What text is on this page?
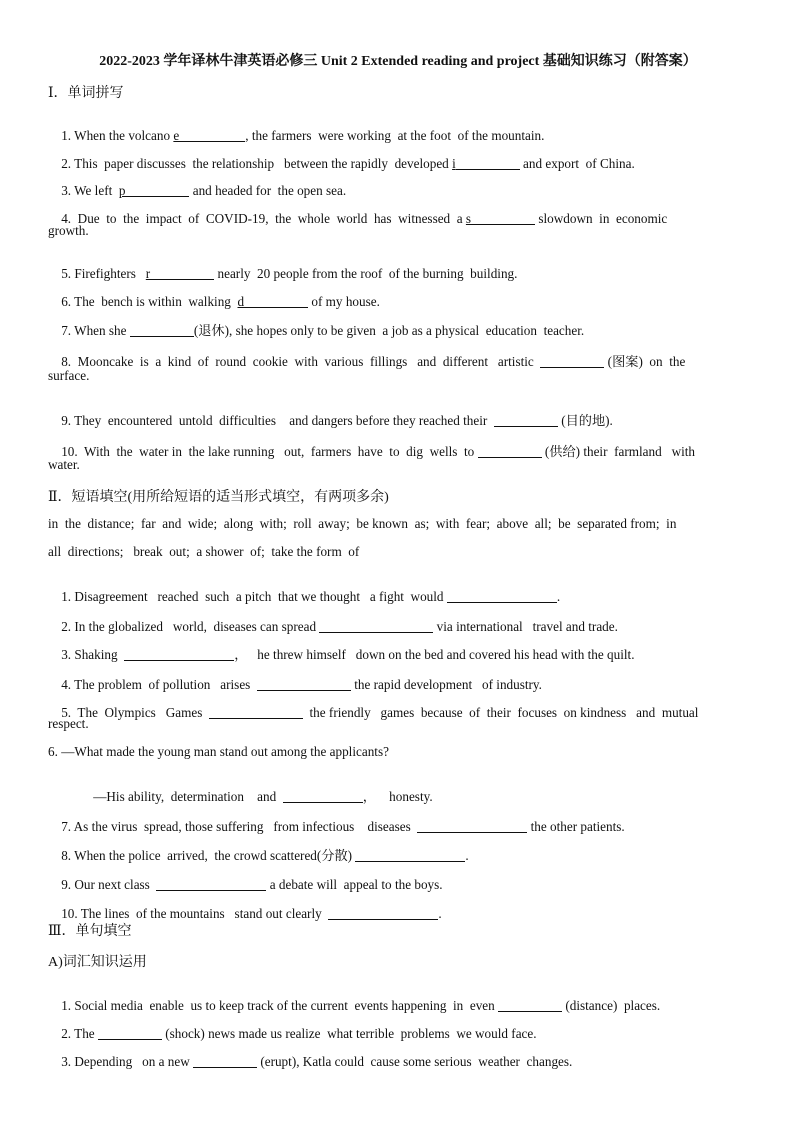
2022-2023 学年译林牛津英语必修三 Unit 2 Extended reading and project 基础知识练习（附答案）
Ⅰ．单词拼写

1. When the volcano e	, the farmers  were working  at the foot  of the mountain.

2. This  paper discusses  the relationship   between the rapidly  developed i	and export  of China.

3. We left  p	and headed for  the open sea.

4.  Due  to  the  impact  of  COVID-19,  the  whole  world  has  witnessed  a s	slowdown  in  economic

growth.

5. Firefighters   r	nearly  20 people from the roof  of the burning  building.

6. The  bench is within  walking  d	of my house.

7. When she	(退休), she hopes only to be given  a job as a physical  education  teacher.

8.  Mooncake  is  a  kind  of  round  cookie  with  various  fillings   and  different   artistic	(图案)  on  the

surface.

9. They  encountered  untold  difficulties    and dangers before they reached their	(目的地).

10.  With  the  water in  the lake running   out,  farmers  have  to  dig  wells  to	(供给) their  farmland   with

water.
Ⅱ．短语填空(用所给短语的适当形式填空，有两项多余)
in  the  distance;  far  and  wide;  along  with;  roll  away;  be known  as;  with  fear;  above  all;  be  separated from;  in
all  directions;   break  out;  a shower  of;  take the form  of

1. Disagreement   reached  such  a pitch  that we thought   a fight  would	.

2. In the globalized   world,  diseases can spread	via international   travel and trade.

3. Shaking	，   he threw himself   down on the bed and covered his head with the quilt.

4. The problem  of pollution   arises	the rapid development   of industry.

5.  The  Olympics   Games	the friendly   games  because  of  their  focuses  on kindness   and  mutual

respect.
6. —What made the young man stand out among the applicants?

—His ability,  determination    and	，    honesty.

7. As the virus  spread, those suffering   from infectious    diseases	the other patients.

8. When the police  arrived,  the crowd scattered(分散)	.

9. Our next class	a debate will  appeal to the boys.

10. The lines  of the mountains   stand out clearly	.

Ⅲ．单句填空
A)词汇知识运用

1. Social media  enable  us to keep track of the current  events happening  in  even	(distance)  places.

2. The	(shock) news made us realize  what terrible  problems  we would face.

3. Depending   on a new	(erupt), Katla could  cause some serious  weather  changes.
